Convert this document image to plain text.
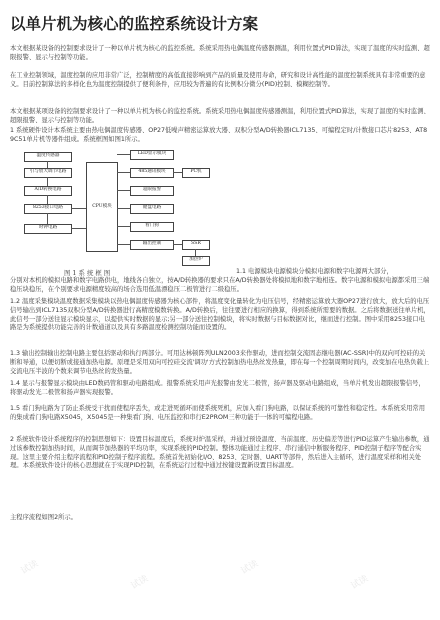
以单片机为核心的监控系统设计方案

本文根据某设备的控制要求设计了一种以单片机为核心的监控系统。系统采用热电偶温度传感器测温，利用位置式PID算法，实现了温度的实时监测、超限报警、显示与控制等功能。

在工业控制领域，温度控制的应用非常广泛，控制精度的高低直接影响到产品的质量及使用寿命，研究和设计高性能的温度控制系统具有非常重要的意义。目前控制算法的多样化也为温度控制提供了便利条件，应用较为普遍的有比例积分微分(PID)控制、模糊控制等。

本文根据某项设备的控制要求设计了一种以单片机为核心的监控系统。系统采用热电偶温度传感器测温，利用位置式PID算法，实现了温度的实时监测、超限报警、显示与控制等功能。

1 系统硬件设计本系统主要由热电偶温度传感器、OP27低噪声精密运算放大器、双积分型A/D转换器ICL7135、可编程定时/计数接口芯片8253、AT89C51单片机等器件组成。系统框图如图1所示。

温度传感器
引与放大调节电路
A/D转换电路
8253接口电路
时钟电路
CPU模块
LED显示模块
485通讯模块	PC机
超限报警
键盘电路
看门狗
输出控制	SSR
加热炉
图 1 系 统 框 图	1.1 电源模块电源模块分模拟电源和数字电源两大部分，

分别对本机的模拟电路和数字电路供电，地线各自独立，按A/D转换器的要求只在A/D转换器处将模拟地和数字地相连。数字电源和模拟电源都采用三端稳压块稳压，在个别要求电源精度较高的场合选用低温漂稳压二极管进行二级稳压。

1.2 温度采集模块温度数据采集模块以热电偶温度传感器为核心部件，将温度变化量转化为电压信号，经精密运算放大器OP27进行放大，放大后的电压信号输出到ICL7135双积分型A/D转换器进行高精度模数转换。A/D转换后，往往要进行相应的换算，得到系统所需要的数据。之后将数据送往单片机，此信号一部分送往显示模块显示，以提供实时数据的显示;另一部分送往控制模块，将实时数据与目标数据对比，继而进行控制。图中采用8253接口电路是为系统提供功能完善的计数通道以及具有多路温度检测控制功能而设置的。

1.3 输出控制输出控制电路主要包括驱动和执行两部分。可用达林顿阵列ULN2003来作驱动，进而控制交流固态继电器(AC-SSR)中的双向可控硅的关断和导通，以便切断或接通加热电源。原理是采用双向可控硅交流'调功'方式控制加热电热丝发热量，即在每一个控制周期时间内，改变加在电热负载上交流电压半波的个数来调节电热丝的发热量。

1.4 显示与报警显示模块由LED数码管和驱动电路组成。报警系统采用声光报警由发光二极管，扬声器及驱动电路组成，当单片机发出超限报警信号，将驱动发光二极管和扬声器实现报警。

1.5 看门狗电路为了防止系统受干扰而使程序丢失，或走进死循环而使系统死机，应加入看门狗电路，以保证系统的可靠性和稳定性。本系统采用常用的集成看门狗电路X5045，X5045是一种集看门狗、电压监控和串行E2PROM三种功能于一体的可编程电路。

2 系统软件设计系统程序的控制思想如下：设置目标温度后，系统对炉温采样，并通过预设温度、当前温度、历史偏差等进行PID运算产生输出参数，通过该参数控制加热时间，从而调节加热器的平均功率，实现系统的PID控制。整体功能通过主程序、串行通信中断服务程序、PID控制子程序等配合实现。这里主要介绍主程序流程和PID控制子程序流程。系统首先初始化I/O、8253、定时器、UART等部件，然后进入主循环，进行温度采样和相关处理。本系统软件设计的核心思想就在于实现PID控制，在系统运行过程中通过按键设置新设置目标温度。

主程序流程如图2所示。

试读
试读
试读
试读
